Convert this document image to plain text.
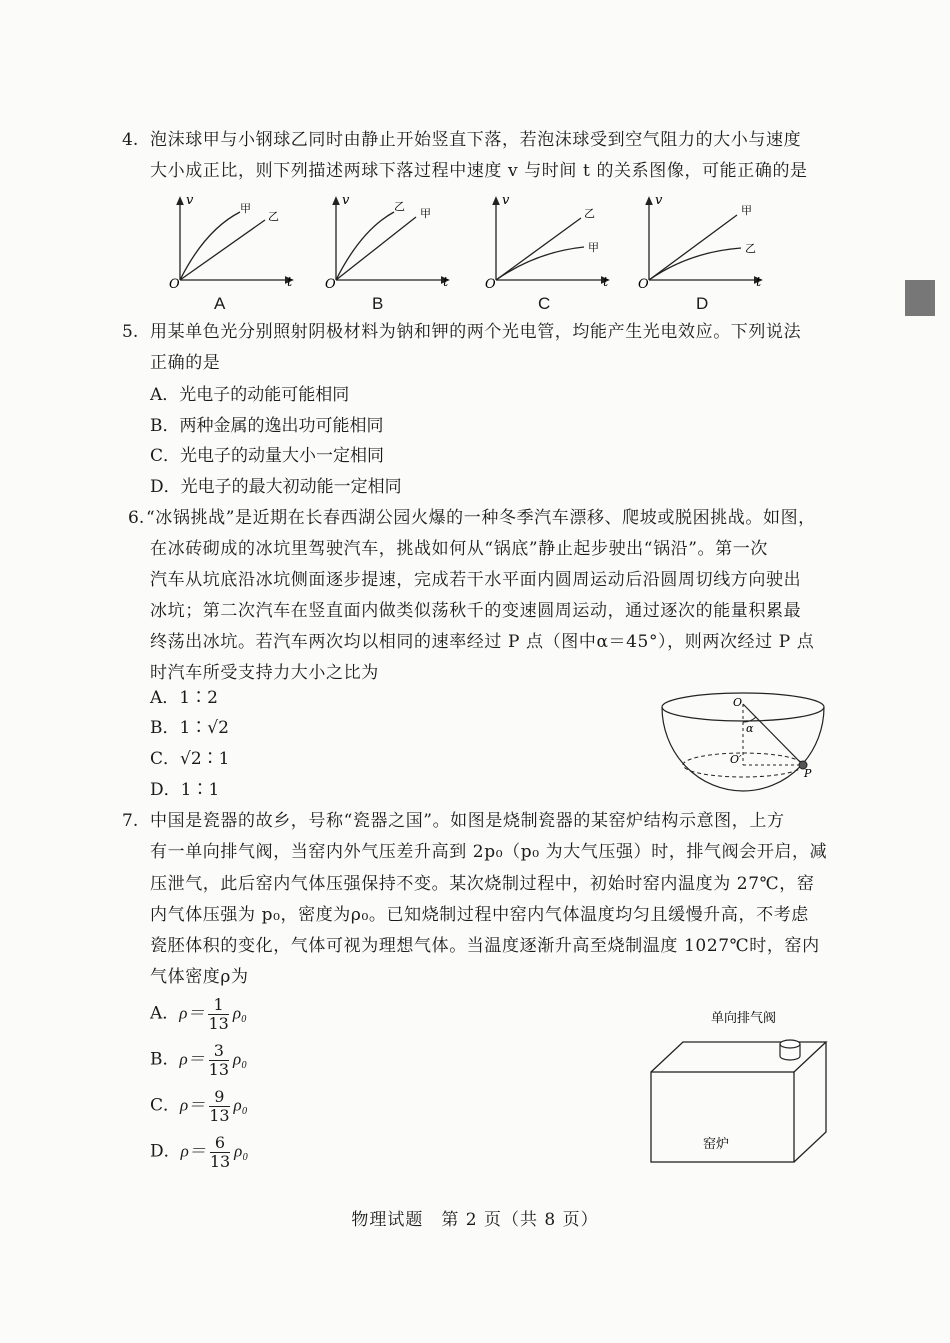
4. 泡沫球甲与小钢球乙同时由静止开始竖直下落，若泡沫球受到空气阻力的大小与速度
大小成正比，则下列描述两球下落过程中速度 v 与时间 t 的关系图像，可能正确的是
v
t
O
甲
乙
v
t
O
乙
甲
v
t
O
乙
甲
v
t
O
甲
乙
A	B	C	D
5. 用某单色光分别照射阴极材料为钠和钾的两个光电管，均能产生光电效应。下列说法
正确的是
A．光电子的动能可能相同
B．两种金属的逸出功可能相同
C．光电子的动量大小一定相同
D．光电子的最大初动能一定相同
6. “冰锅挑战”是近期在长春西湖公园火爆的一种冬季汽车漂移、爬坡或脱困挑战。如图，
在冰砖砌成的冰坑里驾驶汽车，挑战如何从“锅底”静止起步驶出“锅沿”。第一次
汽车从坑底沿冰坑侧面逐步提速，完成若干水平面内圆周运动后沿圆周切线方向驶出
冰坑；第二次汽车在竖直面内做类似荡秋千的变速圆周运动，通过逐次的能量积累最
终荡出冰坑。若汽车两次均以相同的速率经过 P 点（图中α＝45°），则两次经过 P 点
时汽车所受支持力大小之比为
A．1∶2
B．1∶√2
C．√2∶1
D．1∶1
O
α
O′
P
7. 中国是瓷器的故乡，号称“瓷器之国”。如图是烧制瓷器的某窑炉结构示意图，上方
有一单向排气阀，当窑内外气压差升高到 2p₀（p₀ 为大气压强）时，排气阀会开启，减
压泄气，此后窑内气体压强保持不变。某次烧制过程中，初始时窑内温度为 27℃，窑
内气体压强为 p₀，密度为ρ₀。已知烧制过程中窑内气体温度均匀且缓慢升高，不考虑
瓷胚体积的变化，气体可视为理想气体。当温度逐渐升高至烧制温度 1027℃时，窑内
气体密度ρ为
A．$\rho= \frac{1}{13} \rho_0$
B．$\rho= \frac{3}{13} \rho_0$
C．$\rho= \frac{9}{13} \rho_0$
D．$\rho= \frac{6}{13} \rho_0$
单向排气阀
窑炉
物理试题　第 2 页（共 8 页）
